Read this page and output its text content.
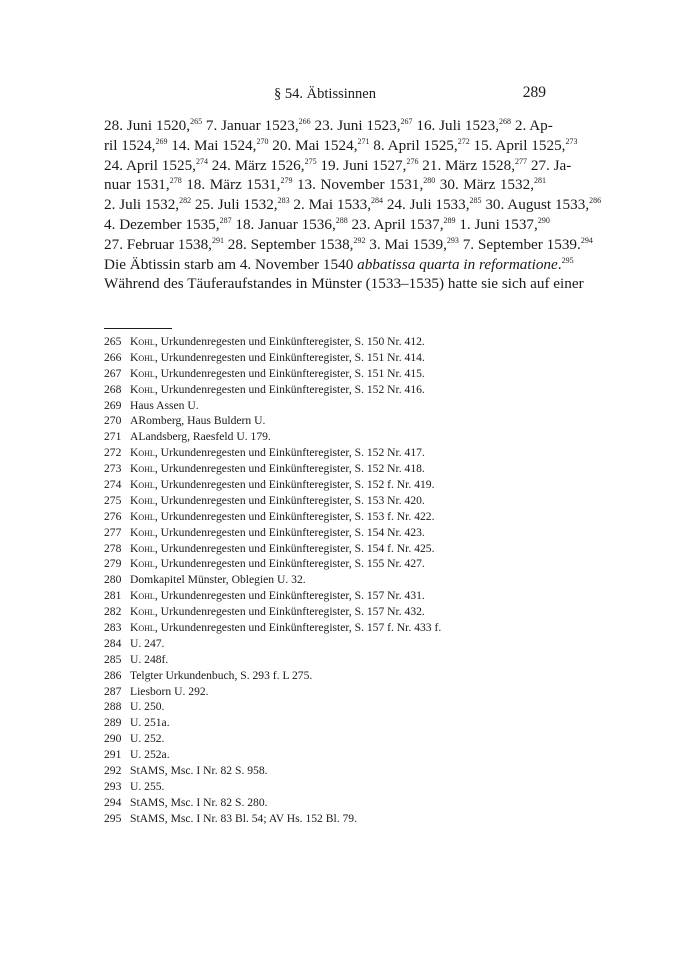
§ 54. Äbtissinnen	289
28. Juni 1520,$^{265}$ 7. Januar 1523,$^{266}$ 23. Juni 1523,$^{267}$ 16. Juli 1523,$^{268}$ 2. Ap-
ril 1524,$^{269}$ 14. Mai 1524,$^{270}$ 20. Mai 1524,$^{271}$ 8. April 1525,$^{272}$ 15. April 1525,$^{273}$
24. April 1525,$^{274}$ 24. März 1526,$^{275}$ 19. Juni 1527,$^{276}$ 21. März 1528,$^{277}$ 27. Ja-
nuar 1531,$^{278}$ 18. März 1531,$^{279}$ 13. November 1531,$^{280}$ 30. März 1532,$^{281}$
2. Juli 1532,$^{282}$ 25. Juli 1532,$^{283}$ 2. Mai 1533,$^{284}$ 24. Juli 1533,$^{285}$ 30. August 1533,$^{286}$
4. Dezember 1535,$^{287}$ 18. Januar 1536,$^{288}$ 23. April 1537,$^{289}$ 1. Juni 1537,$^{290}$
27. Februar 1538,$^{291}$ 28. September 1538,$^{292}$ 3. Mai 1539,$^{293}$ 7. September 1539.$^{294}$
Die Äbtissin starb am 4. November 1540 abbatissa quarta in reformatione.$^{295}$
Während des Täuferaufstandes in Münster (1533–1535) hatte sie sich auf einer
265 Kohl, Urkundenregesten und Einkünfteregister, S. 150 Nr. 412.
266 Kohl, Urkundenregesten und Einkünfteregister, S. 151 Nr. 414.
267 Kohl, Urkundenregesten und Einkünfteregister, S. 151 Nr. 415.
268 Kohl, Urkundenregesten und Einkünfteregister, S. 152 Nr. 416.
269 Haus Assen U.
270 ARomberg, Haus Buldern U.
271 ALandsberg, Raesfeld U. 179.
272 Kohl, Urkundenregesten und Einkünfteregister, S. 152 Nr. 417.
273 Kohl, Urkundenregesten und Einkünfteregister, S. 152 Nr. 418.
274 Kohl, Urkundenregesten und Einkünfteregister, S. 152 f. Nr. 419.
275 Kohl, Urkundenregesten und Einkünfteregister, S. 153 Nr. 420.
276 Kohl, Urkundenregesten und Einkünfteregister, S. 153 f. Nr. 422.
277 Kohl, Urkundenregesten und Einkünfteregister, S. 154 Nr. 423.
278 Kohl, Urkundenregesten und Einkünfteregister, S. 154 f. Nr. 425.
279 Kohl, Urkundenregesten und Einkünfteregister, S. 155 Nr. 427.
280 Domkapitel Münster, Oblegien U. 32.
281 Kohl, Urkundenregesten und Einkünfteregister, S. 157 Nr. 431.
282 Kohl, Urkundenregesten und Einkünfteregister, S. 157 Nr. 432.
283 Kohl, Urkundenregesten und Einkünfteregister, S. 157 f. Nr. 433 f.
284 U. 247.
285 U. 248f.
286 Telgter Urkundenbuch, S. 293 f. L 275.
287 Liesborn U. 292.
288 U. 250.
289 U. 251a.
290 U. 252.
291 U. 252a.
292 StAMS, Msc. I Nr. 82 S. 958.
293 U. 255.
294 StAMS, Msc. I Nr. 82 S. 280.
295 StAMS, Msc. I Nr. 83 Bl. 54; AV Hs. 152 Bl. 79.
